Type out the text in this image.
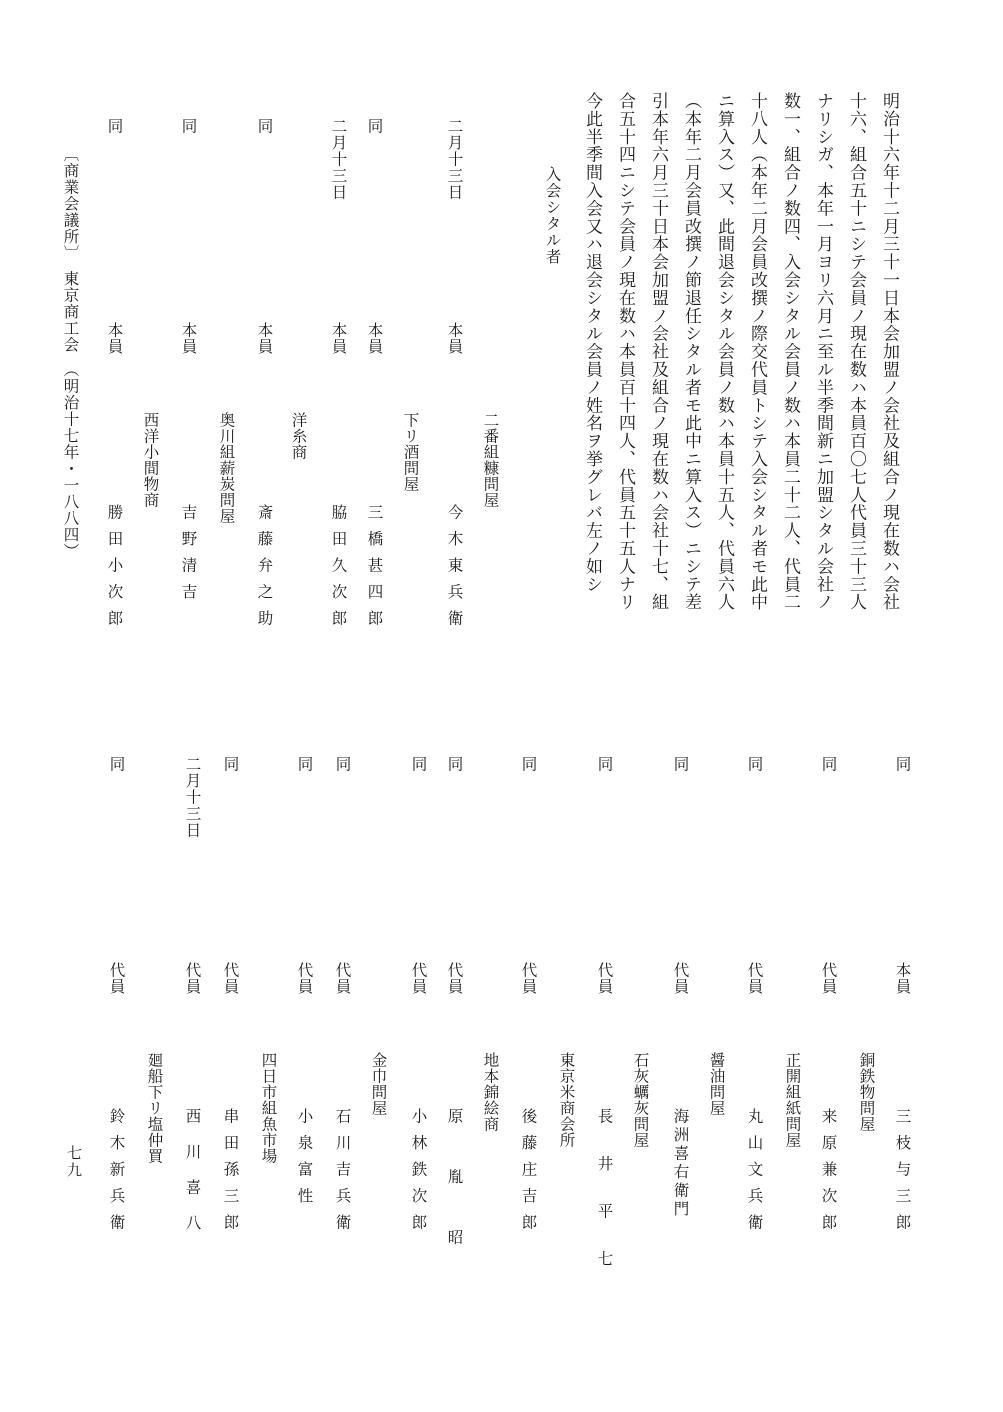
明治十六年十二月三十一日本会加盟ノ会社及組合ノ現在数ハ会社
十六、組合五十ニシテ会員ノ現在数ハ本員百〇七人代員三十三人
ナリシガ、本年一月ヨリ六月ニ至ル半季間新ニ加盟シタル会社ノ
数一、組合ノ数四、入会シタル会員ノ数ハ本員二十二人、代員二
十八人（本年二月会員改撰ノ際交代員トシテ入会シタル者モ此中
ニ算入ス）又、此間退会シタル会員ノ数ハ本員十五人、代員六人
（本年二月会員改撰ノ節退任シタル者モ此中ニ算入ス）ニシテ差
引本年六月三十日本会加盟ノ会社及組合ノ現在数ハ会社十七、組
合五十四ニシテ会員ノ現在数ハ本員百十四人、代員五十五人ナリ
今此半季間入会又ハ退会シタル会員ノ姓名ヲ挙グレバ左ノ如シ
入会シタル者
二月十三日
本員
二番組糠問屋
今木東兵衛
同
本員
下リ酒問屋
三橋甚四郎
二月十三日
本員
脇田久次郎
同
本員
洋糸商
斎藤弁之助
同
本員
奥川組薪炭問屋
吉野清吉
同
本員
西洋小間物商
勝田小次郎
同
本員
三枝与三郎
同
代員
銅鉄物問屋
来原兼次郎
同
代員
正開組紙問屋
丸山文兵衛
同
代員
醤油問屋
海洲喜右衛門
同
代員
石灰蠣灰問屋
長井平七
同
代員
東京米商会所
後藤庄吉郎
同
代員
地本錦絵商
原胤昭
同
代員
小林鉄次郎
同
代員
金巾問屋
石川吉兵衛
同
代員
小泉富性
同
代員
四日市組魚市場
串田孫三郎
二月十三日
代員
西川喜八
同
代員
廻船下リ塩仲買
鈴木新兵衛
〔商業会議所〕　東京商工会　（明治十七年・一八八四）
七九
